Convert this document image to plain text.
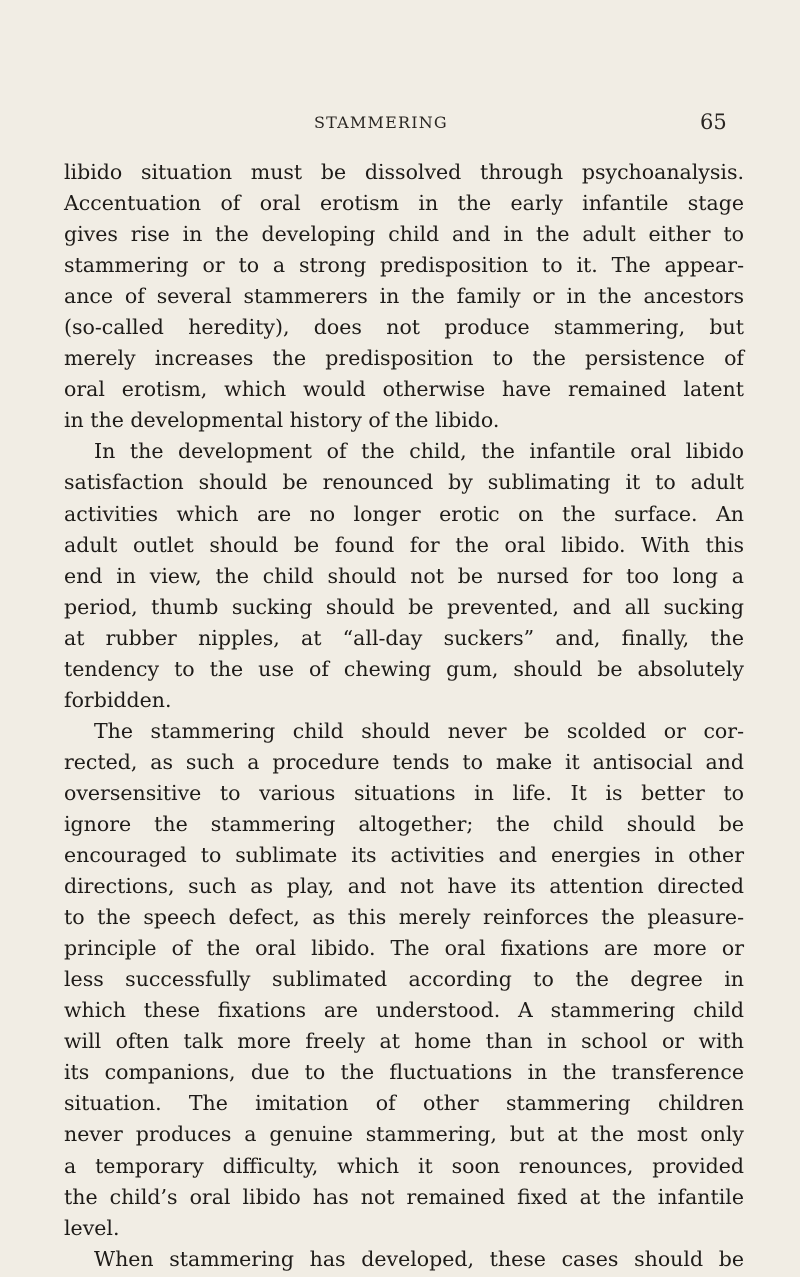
STAMMERING	65
libido situation must be dissolved through psychoanalysis.
Accentuation of oral erotism in the early infantile stage
gives rise in the developing child and in the adult either to
stammering or to a strong predisposition to it. The appear-
ance of several stammerers in the family or in the ancestors
(so-called heredity), does not produce stammering, but
merely increases the predisposition to the persistence of
oral erotism, which would otherwise have remained latent
in the developmental history of the libido.
In the development of the child, the infantile oral libido
satisfaction should be renounced by sublimating it to adult
activities which are no longer erotic on the surface. An
adult outlet should be found for the oral libido. With this
end in view, the child should not be nursed for too long a
period, thumb sucking should be prevented, and all sucking
at rubber nipples, at “all-day suckers” and, finally, the
tendency to the use of chewing gum, should be absolutely
forbidden.
The stammering child should never be scolded or cor-
rected, as such a procedure tends to make it antisocial and
oversensitive to various situations in life. It is better to
ignore the stammering altogether; the child should be
encouraged to sublimate its activities and energies in other
directions, such as play, and not have its attention directed
to the speech defect, as this merely reinforces the pleasure-
principle of the oral libido. The oral fixations are more or
less successfully sublimated according to the degree in
which these fixations are understood. A stammering child
will often talk more freely at home than in school or with
its companions, due to the fluctuations in the transference
situation. The imitation of other stammering children
never produces a genuine stammering, but at the most only
a temporary difficulty, which it soon renounces, provided
the child’s oral libido has not remained fixed at the infantile
level.
When stammering has developed, these cases should be
